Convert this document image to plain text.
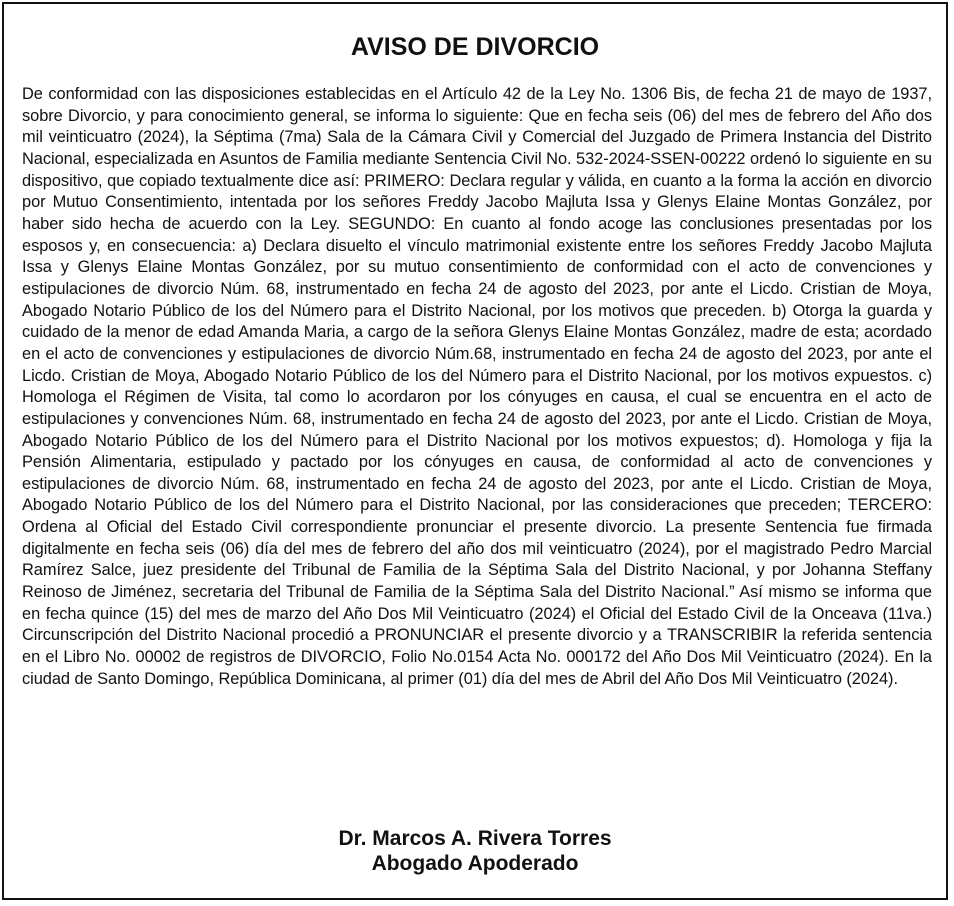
AVISO DE DIVORCIO

De conformidad con las disposiciones establecidas en el Artículo 42 de la Ley No. 1306 Bis, de fecha 21 de mayo de 1937, sobre Divorcio, y para conocimiento general, se informa lo siguiente: Que en fecha seis (06) del mes de febrero del Año dos mil veinticuatro (2024), la Séptima (7ma) Sala de la Cámara Civil y Comercial del Juzgado de Primera Instancia del Distrito Nacional, especializada en Asuntos de Familia mediante Sentencia Civil No. 532-2024-SSEN-00222 ordenó lo siguiente en su dispositivo, que copiado textualmente dice así: PRIMERO: Declara regular y válida, en cuanto a la forma la acción en divorcio por Mutuo Consentimiento, intentada por los señores Freddy Jacobo Majluta Issa y Glenys Elaine Montas González, por haber sido hecha de acuerdo con la Ley. SEGUNDO: En cuanto al fondo acoge las conclusiones presentadas por los esposos y, en consecuencia: a) Declara disuelto el vínculo matrimonial existente entre los señores Freddy Jacobo Majluta Issa y Glenys Elaine Montas González, por su mutuo consentimiento de conformidad con el acto de convenciones y estipulaciones de divorcio Núm. 68, instrumentado en fecha 24 de agosto del 2023, por ante el Licdo. Cristian de Moya, Abogado Notario Público de los del Número para el Distrito Nacional, por los motivos que preceden. b) Otorga la guarda y cuidado de la menor de edad Amanda Maria, a cargo de la señora Glenys Elaine Montas González, madre de esta; acordado en el acto de convenciones y estipulaciones de divorcio Núm.68, instrumentado en fecha 24 de agosto del 2023, por ante el Licdo. Cristian de Moya, Abogado Notario Público de los del Número para el Distrito Nacional, por los motivos expuestos. c) Homologa el Régimen de Visita, tal como lo acordaron por los cónyuges en causa, el cual se encuentra en el acto de estipulaciones y convenciones Núm. 68, instrumentado en fecha 24 de agosto del 2023, por ante el Licdo. Cristian de Moya, Abogado Notario Público de los del Número para el Distrito Nacional por los motivos expuestos; d). Homologa y fija la Pensión Alimentaria, estipulado y pactado por los cónyuges en causa, de conformidad al acto de convenciones y estipulaciones de divorcio Núm. 68, instrumentado en fecha 24 de agosto del 2023, por ante el Licdo. Cristian de Moya, Abogado Notario Público de los del Número para el Distrito Nacional, por las consideraciones que preceden; TERCERO: Ordena al Oficial del Estado Civil correspondiente pronunciar el presente divorcio. La presente Sentencia fue firmada digitalmente en fecha seis (06) día del mes de febrero del año dos mil veinticuatro (2024), por el magistrado Pedro Marcial Ramírez Salce, juez presidente del Tribunal de Familia de la Séptima Sala del Distrito Nacional, y por Johanna Steffany Reinoso de Jiménez, secretaria del Tribunal de Familia de la Séptima Sala del Distrito Nacional.” Así mismo se informa que en fecha quince (15) del mes de marzo del Año Dos Mil Veinticuatro (2024) el Oficial del Estado Civil de la Onceava (11va.) Circunscripción del Distrito Nacional procedió a PRONUNCIAR el presente divorcio y a TRANSCRIBIR la referida sentencia en el Libro No. 00002 de registros de DIVORCIO, Folio No.0154 Acta No. 000172 del Año Dos Mil Veinticuatro (2024). En la ciudad de Santo Domingo, República Dominicana, al primer (01) día del mes de Abril del Año Dos Mil Veinticuatro (2024).

Dr. Marcos A. Rivera Torres
Abogado Apoderado
